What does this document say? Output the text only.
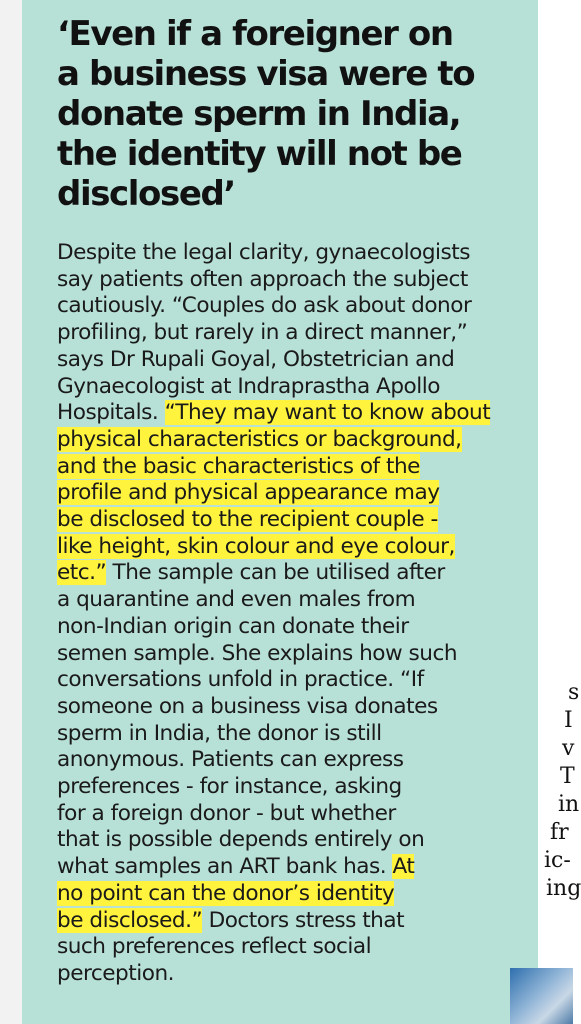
‘Even if a foreigner on
a business visa were to
donate sperm in India,
the identity will not be
disclosed’

Despite the legal clarity, gynaecologists
say patients often approach the subject
cautiously. “Couples do ask about donor
profiling, but rarely in a direct manner,”
says Dr Rupali Goyal, Obstetrician and
Gynaecologist at Indraprastha Apollo
Hospitals. “They may want to know about
physical characteristics or background,
and the basic characteristics of the
profile and physical appearance may
be disclosed to the recipient couple -
like height, skin colour and eye colour,
etc.” The sample can be utilised after
a quarantine and even males from
non-Indian origin can donate their
semen sample. She explains how such
conversations unfold in practice. “If
someone on a business visa donates
sperm in India, the donor is still
anonymous. Patients can express
preferences - for instance, asking
for a foreign donor - but whether
that is possible depends entirely on
what samples an ART bank has. At
no point can the donor’s identity
be disclosed.” Doctors stress that
such preferences reflect social
perception.

s
I
v
T
in
fr
ic-
ing
